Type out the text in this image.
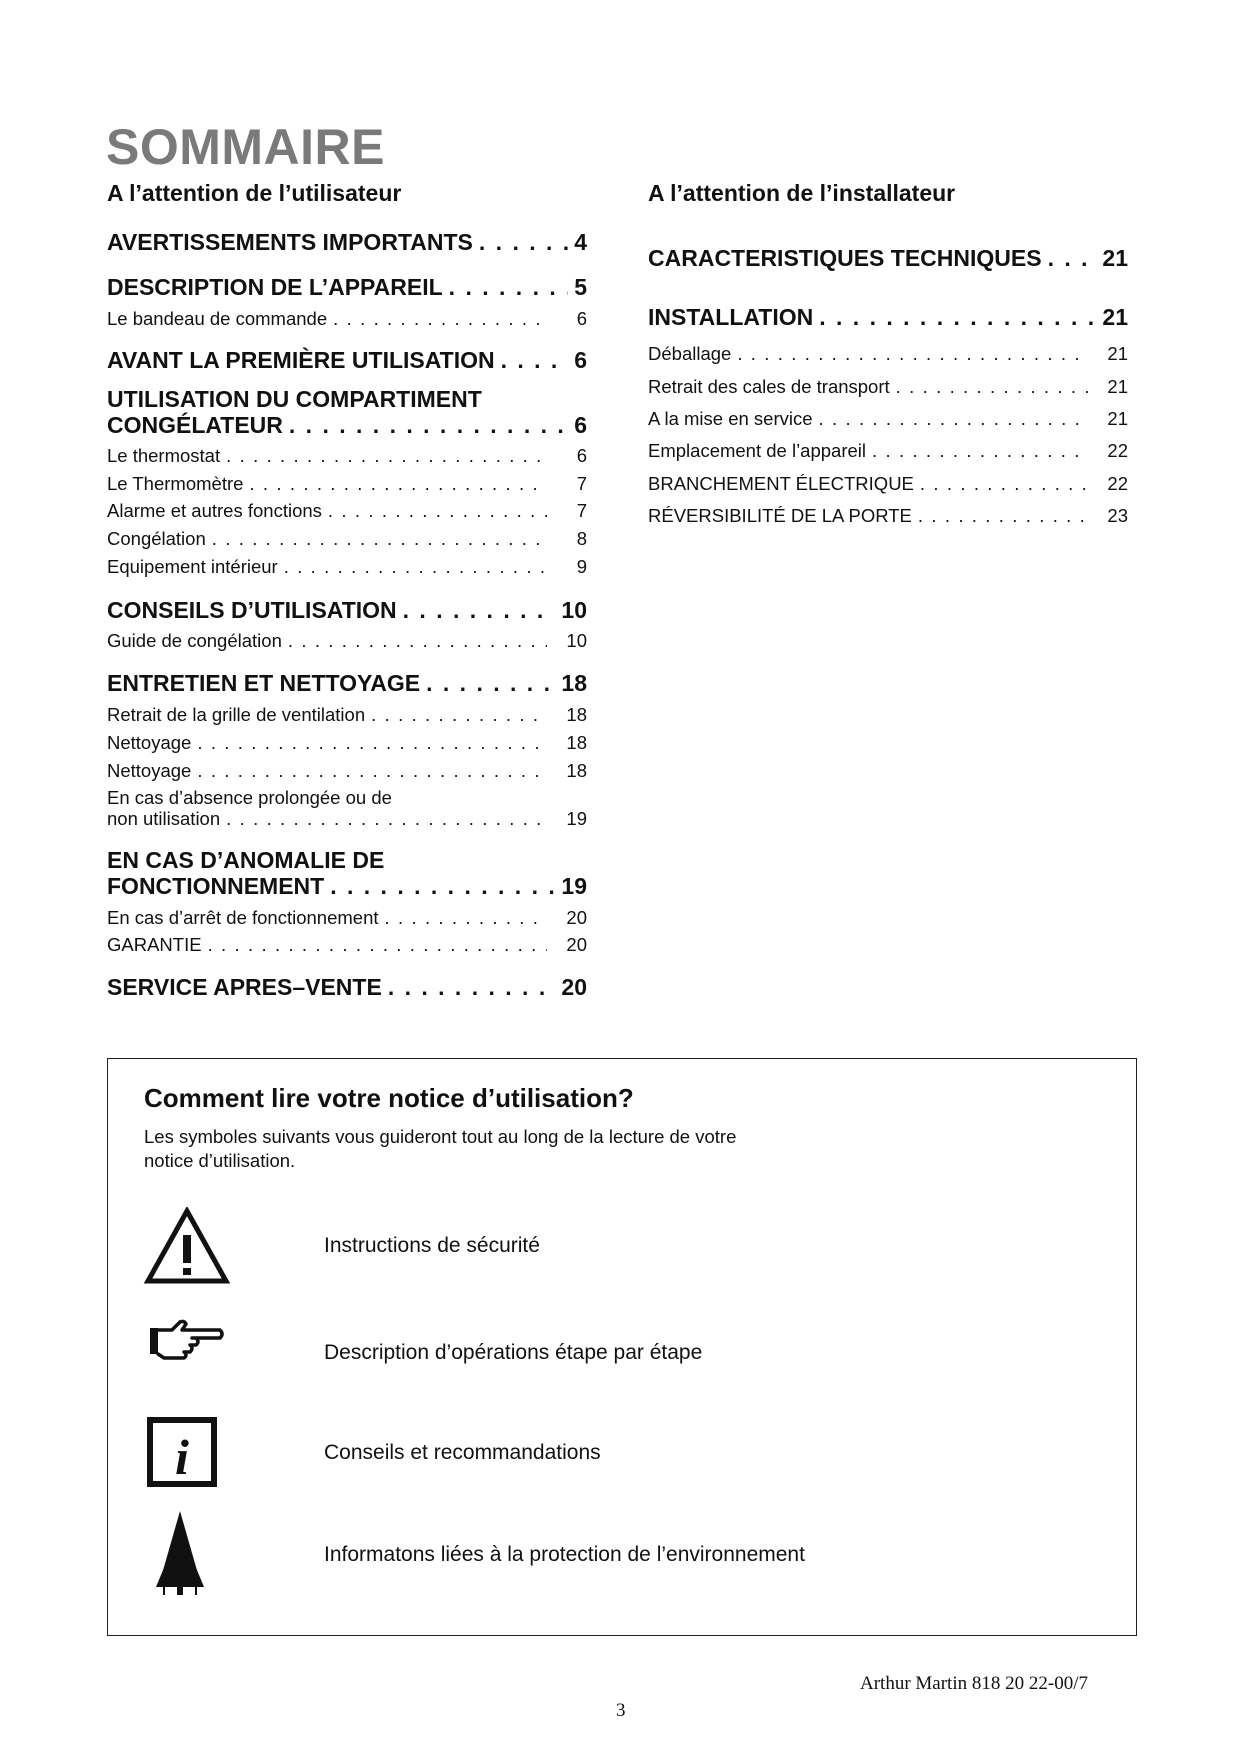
SOMMAIRE
A l’attention de l’utilisateur
AVERTISSEMENTS IMPORTANTS . . .	4
DESCRIPTION DE L’APPAREIL . . .	5
Le bandeau de commande . . .	6
AVANT LA PREMIÈRE UTILISATION . . .	6
UTILISATION DU COMPARTIMENT
CONGÉLATEUR . . .	6
Le thermostat . . .	6
Le Thermomètre . . .	7
Alarme et autres fonctions . . .	7
Congélation . . .	8
Equipement intérieur . . .	9
CONSEILS D’UTILISATION . . .	10
Guide de congélation . . .	10
ENTRETIEN ET NETTOYAGE . . .	18
Retrait de la grille de ventilation . . .	18
Nettoyage . . .	18
Nettoyage . . .	18
En cas d’absence prolongée ou de
non utilisation . . .	19
EN CAS D’ANOMALIE DE
FONCTIONNEMENT . . .	19
En cas d’arrêt de fonctionnement . . .	20
GARANTIE . . .	20
SERVICE APRES–VENTE . . .	20
A l’attention de l’installateur
CARACTERISTIQUES TECHNIQUES . . .	21
INSTALLATION . . .	21
Déballage . . .	21
Retrait des cales de transport . . .	21
A la mise en service . . .	21
Emplacement de l’appareil . . .	22
BRANCHEMENT ÉLECTRIQUE . . .	22
RÉVERSIBILITÉ DE LA PORTE . . .	23
Comment lire votre notice d’utilisation?
Les symboles suivants vous guideront tout au long de la lecture de votre notice d’utilisation.
Instructions de sécurité
Description d’opérations étape par étape
i	Conseils et recommandations
Informatons liées à la protection de l’environnement
Arthur Martin 818 20 22-00/7
3
